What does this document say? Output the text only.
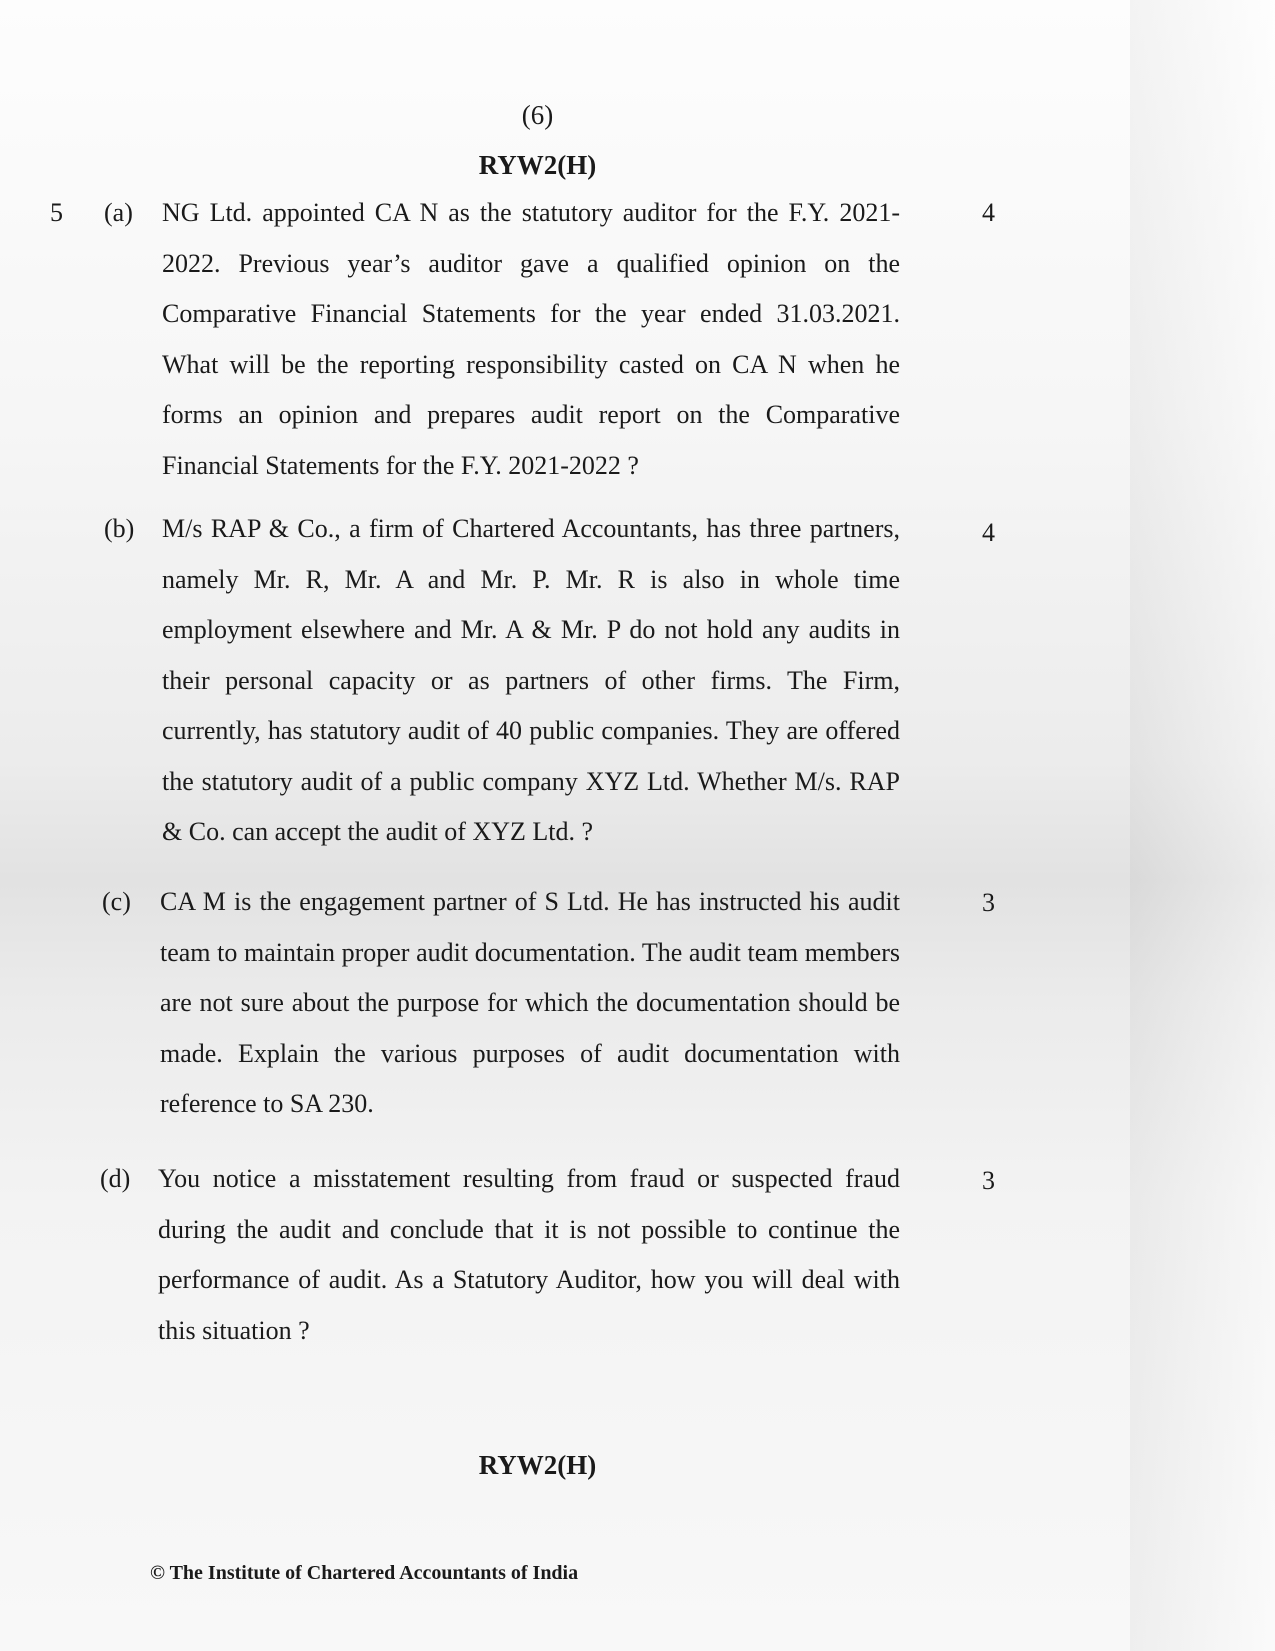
(6)
RYW2(H)
5 (a) NG Ltd. appointed CA N as the statutory auditor for the F.Y. 2021-2022. Previous year’s auditor gave a qualified opinion on the Comparative Financial Statements for the year ended 31.03.2021. What will be the reporting responsibility casted on CA N when he forms an opinion and prepares audit report on the Comparative Financial Statements for the F.Y. 2021-2022 ?
4
(b) M/s RAP & Co., a firm of Chartered Accountants, has three partners, namely Mr. R, Mr. A and Mr. P. Mr. R is also in whole time employment elsewhere and Mr. A & Mr. P do not hold any audits in their personal capacity or as partners of other firms. The Firm, currently, has statutory audit of 40 public companies. They are offered the statutory audit of a public company XYZ Ltd. Whether M/s. RAP & Co. can accept the audit of XYZ Ltd. ?
4
(c) CA M is the engagement partner of S Ltd. He has instructed his audit team to maintain proper audit documentation. The audit team members are not sure about the purpose for which the documentation should be made. Explain the various purposes of audit documentation with reference to SA 230.
3
(d) You notice a misstatement resulting from fraud or suspected fraud during the audit and conclude that it is not possible to continue the performance of audit. As a Statutory Auditor, how you will deal with this situation ?
3
RYW2(H)
© The Institute of Chartered Accountants of India
